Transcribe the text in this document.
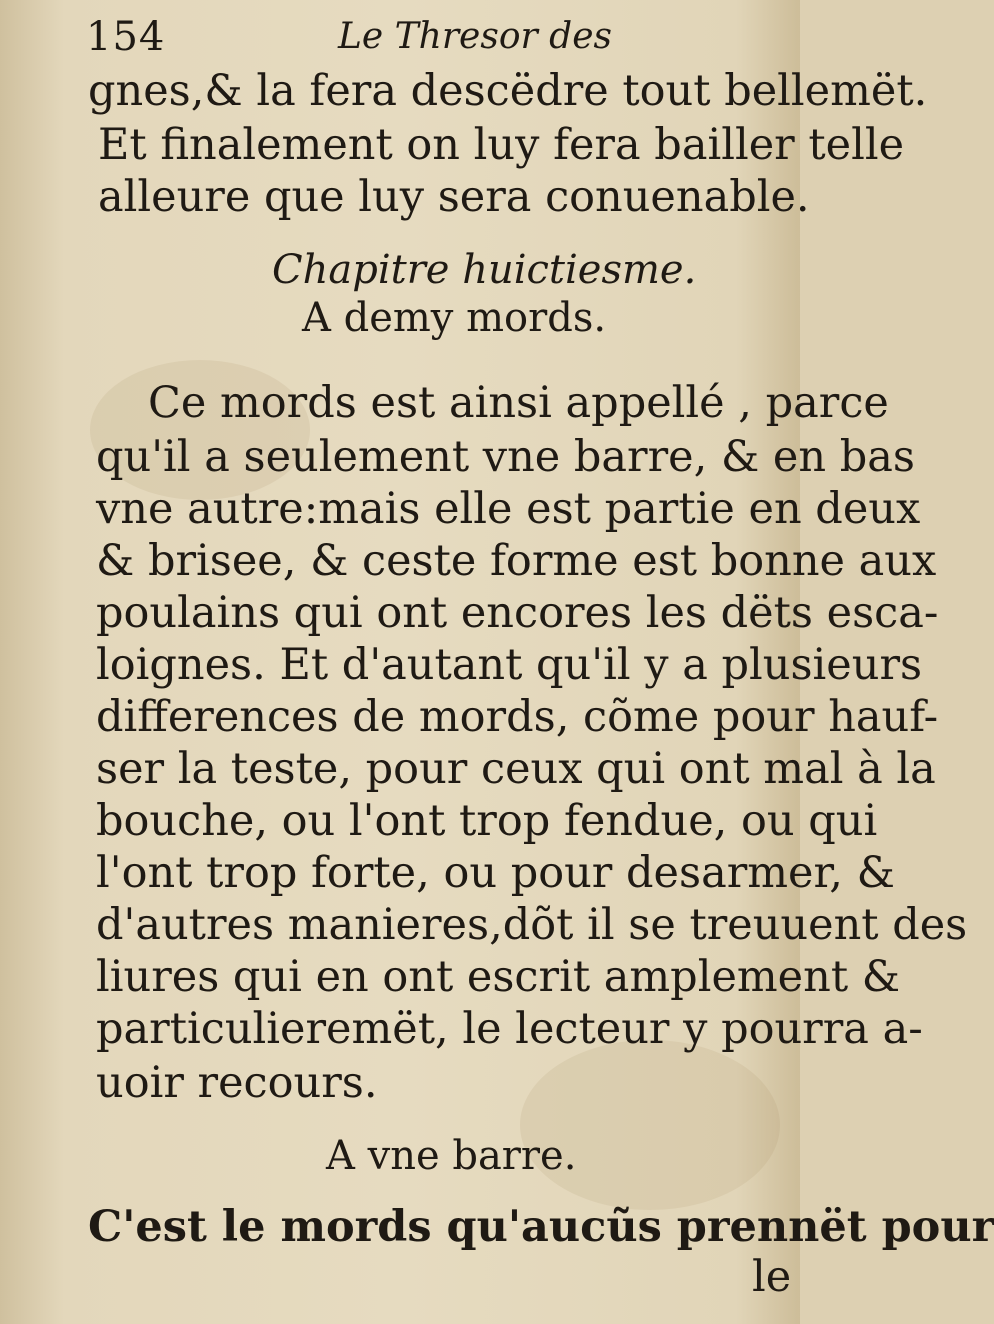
154	Le Thresor des
gnes,& la fera descëdre tout bellemët.
Et finalement on luy fera bailler telle
alleure que luy sera conuenable.
Chapitre huictiesme.
A demy mords.
Ce mords est ainsi appellé , parce
qu'il a seulement vne barre, & en bas
vne autre:mais elle est partie en deux
& brisee, & ceste forme est bonne aux
poulains qui ont encores les dëts esca-
loignes. Et d'autant qu'il y a plusieurs
differences de mords, cõme pour hauf-
ser la teste, pour ceux qui ont mal à la
bouche, ou l'ont trop fendue, ou qui
l'ont trop forte, ou pour desarmer, &
d'autres manieres,dõt il se treuuent des
liures qui en ont escrit amplement &
particulieremët, le lecteur y pourra a-
uoir recours.
A vne barre.
C'est le mords qu'aucũs prennët pour
le
